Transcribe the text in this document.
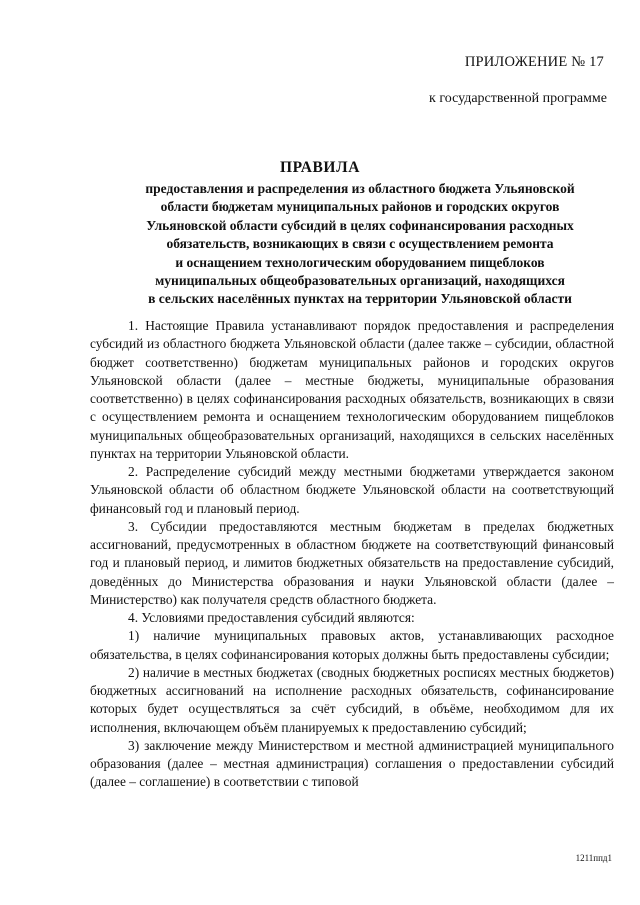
ПРИЛОЖЕНИЕ № 17
к государственной программе
ПРАВИЛА
предоставления и распределения из областного бюджета Ульяновской
области бюджетам муниципальных районов и городских округов
Ульяновской области субсидий в целях софинансирования расходных
обязательств, возникающих в связи с осуществлением ремонта
и оснащением технологическим оборудованием пищеблоков
муниципальных общеобразовательных организаций, находящихся
в сельских населённых пунктах на территории Ульяновской области

1. Настоящие Правила устанавливают порядок предоставления и распределения субсидий из областного бюджета Ульяновской области (далее также – субсидии, областной бюджет соответственно) бюджетам муниципальных районов и городских округов Ульяновской области (далее – местные бюджеты, муниципальные образования соответственно) в целях софинансирования расходных обязательств, возникающих в связи с осуществлением ремонта и оснащением технологическим оборудованием пищеблоков муниципальных общеобразовательных организаций, находящихся в сельских населённых пунктах на территории Ульяновской области.

2. Распределение субсидий между местными бюджетами утверждается законом Ульяновской области об областном бюджете Ульяновской области на соответствующий финансовый год и плановый период.

3. Субсидии предоставляются местным бюджетам в пределах бюджетных ассигнований, предусмотренных в областном бюджете на соответствующий финансовый год и плановый период, и лимитов бюджетных обязательств на предоставление субсидий, доведённых до Министерства образования и науки Ульяновской области (далее – Министерство) как получателя средств областного бюджета.

4. Условиями предоставления субсидий являются:

1) наличие муниципальных правовых актов, устанавливающих расходное обязательства, в целях софинансирования которых должны быть предоставлены субсидии;

2) наличие в местных бюджетах (сводных бюджетных росписях местных бюджетов) бюджетных ассигнований на исполнение расходных обязательств, софинансирование которых будет осуществляться за счёт субсидий, в объёме, необходимом для их исполнения, включающем объём планируемых к предоставлению субсидий;

3) заключение между Министерством и местной администрацией муниципального образования (далее – местная администрация) соглашения о предоставлении субсидий (далее – соглашение) в соответствии с типовой

1211ппд1
